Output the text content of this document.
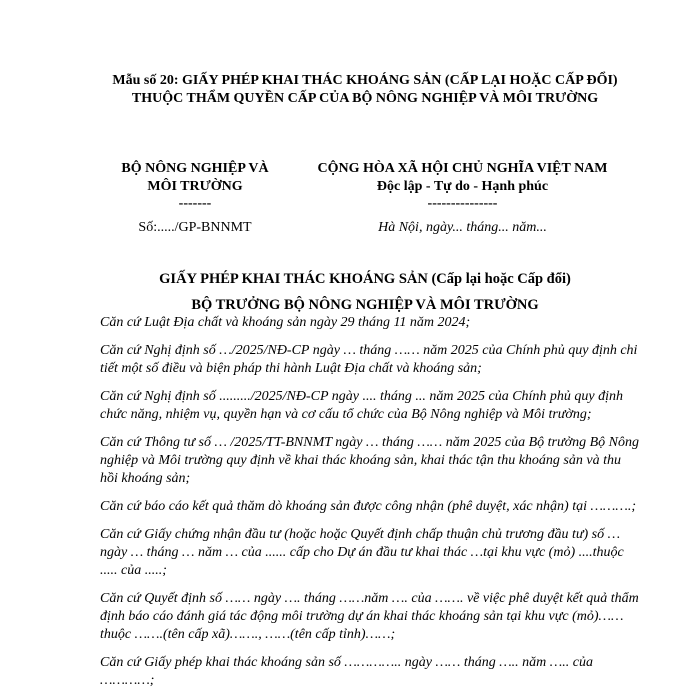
Mẫu số 20: GIẤY PHÉP KHAI THÁC KHOÁNG SẢN (CẤP LẠI HOẶC CẤP ĐỔI) THUỘC THẨM QUYỀN CẤP CỦA BỘ NÔNG NGHIỆP VÀ MÔI TRƯỜNG
BỘ NÔNG NGHIỆP VÀ
MÔI TRƯỜNG
-------
CỘNG HÒA XÃ HỘI CHỦ NGHĨA VIỆT NAM
Độc lập - Tự do - Hạnh phúc
---------------
Số:...../GP-BNNMT	Hà Nội, ngày... tháng... năm...
GIẤY PHÉP KHAI THÁC KHOÁNG SẢN (Cấp lại hoặc Cấp đổi)
BỘ TRƯỞNG BỘ NÔNG NGHIỆP VÀ MÔI TRƯỜNG

Căn cứ Luật Địa chất và khoáng sản ngày 29 tháng 11 năm 2024;

Căn cứ Nghị định số …/2025/NĐ-CP ngày … tháng …… năm 2025 của Chính phủ quy định chi tiết một số điều và biện pháp thi hành Luật Địa chất và khoáng sản;

Căn cứ Nghị định số ........./2025/NĐ-CP ngày .... tháng ... năm 2025 của Chính phủ quy định chức năng, nhiệm vụ, quyền hạn và cơ cấu tổ chức của Bộ Nông nghiệp và Môi trường;

Căn cứ Thông tư số … /2025/TT-BNNMT ngày … tháng …… năm 2025 của Bộ trưởng Bộ Nông nghiệp và Môi trường quy định về khai thác khoáng sản, khai thác tận thu khoáng sản và thu hồi khoáng sản;

Căn cứ báo cáo kết quả thăm dò khoáng sản được công nhận (phê duyệt, xác nhận) tại ……….;

Căn cứ Giấy chứng nhận đầu tư (hoặc hoặc Quyết định chấp thuận chủ trương đầu tư) số … ngày … tháng … năm … của ...... cấp cho Dự án đầu tư khai thác …tại khu vực (mỏ) ....thuộc ..... của .....;

Căn cứ Quyết định số …… ngày …. tháng ……năm …. của ……. về việc phê duyệt kết quả thẩm định báo cáo đánh giá tác động môi trường dự án khai thác khoáng sản tại khu vực (mỏ)…… thuộc …….(tên cấp xã)……., ……(tên cấp tỉnh)……;

Căn cứ Giấy phép khai thác khoáng sản số ………….. ngày …… tháng ….. năm ….. của …………;
